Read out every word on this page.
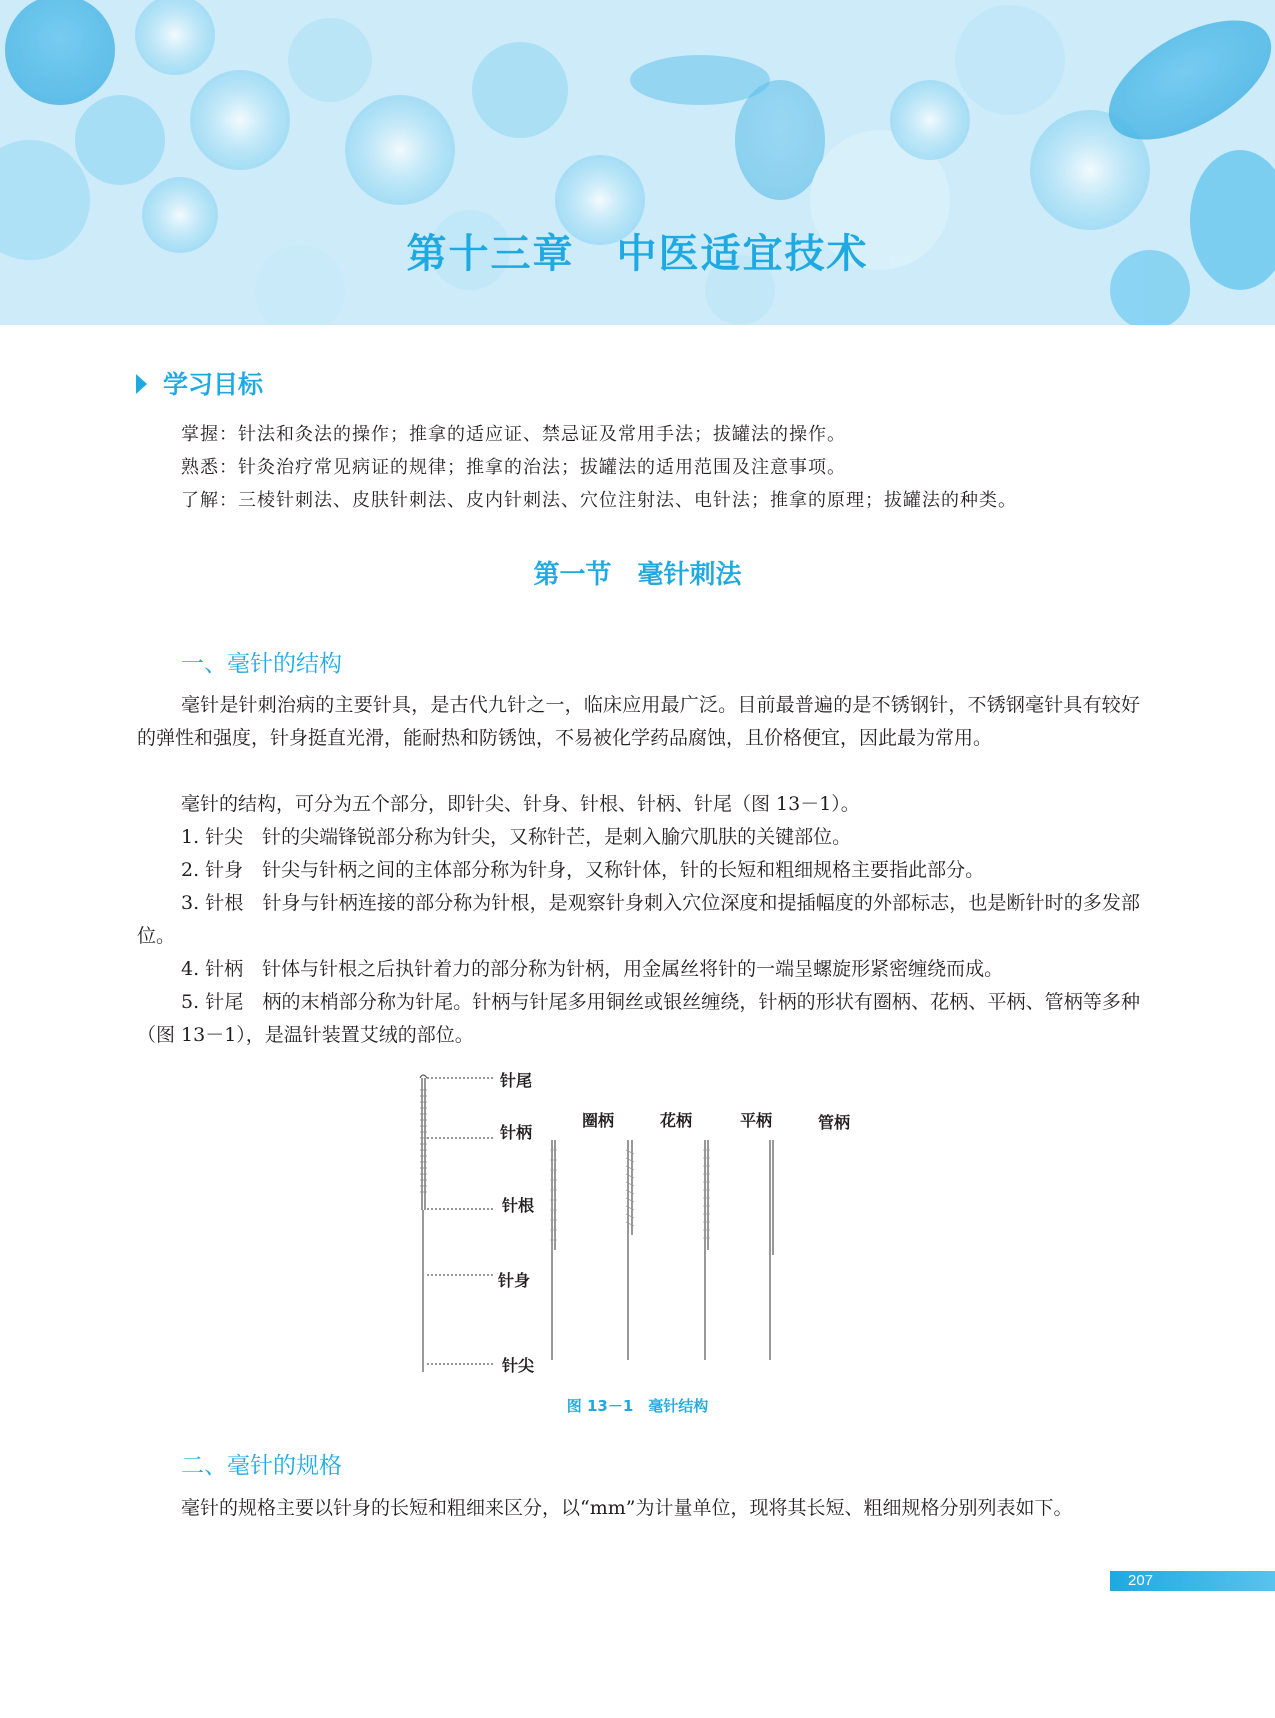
第十三章　中医适宜技术
学习目标
掌握：针法和灸法的操作；推拿的适应证、禁忌证及常用手法；拔罐法的操作。
熟悉：针灸治疗常见病证的规律；推拿的治法；拔罐法的适用范围及注意事项。
了解：三棱针刺法、皮肤针刺法、皮内针刺法、穴位注射法、电针法；推拿的原理；拔罐法的种类。
第一节　毫针刺法
一、毫针的结构
毫针是针刺治病的主要针具，是古代九针之一，临床应用最广泛。目前最普遍的是不锈钢针，不锈钢毫针具有较好的弹性和强度，针身挺直光滑，能耐热和防锈蚀，不易被化学药品腐蚀，且价格便宜，因此最为常用。
毫针的结构，可分为五个部分，即针尖、针身、针根、针柄、针尾（图 13－1）。
1. 针尖　针的尖端锋锐部分称为针尖，又称针芒，是刺入腧穴肌肤的关键部位。
2. 针身　针尖与针柄之间的主体部分称为针身，又称针体，针的长短和粗细规格主要指此部分。
3. 针根　针身与针柄连接的部分称为针根，是观察针身刺入穴位深度和提插幅度的外部标志，也是断针时的多发部位。
4. 针柄　针体与针根之后执针着力的部分称为针柄，用金属丝将针的一端呈螺旋形紧密缠绕而成。
5. 针尾　柄的末梢部分称为针尾。针柄与针尾多用铜丝或银丝缠绕，针柄的形状有圈柄、花柄、平柄、管柄等多种（图 13－1），是温针装置艾绒的部位。
针尾
针柄
针根
针身
针尖
圈柄	花柄	平柄	管柄
图 13－1　毫针结构
二、毫针的规格
毫针的规格主要以针身的长短和粗细来区分，以“mm”为计量单位，现将其长短、粗细规格分别列表如下。
207
